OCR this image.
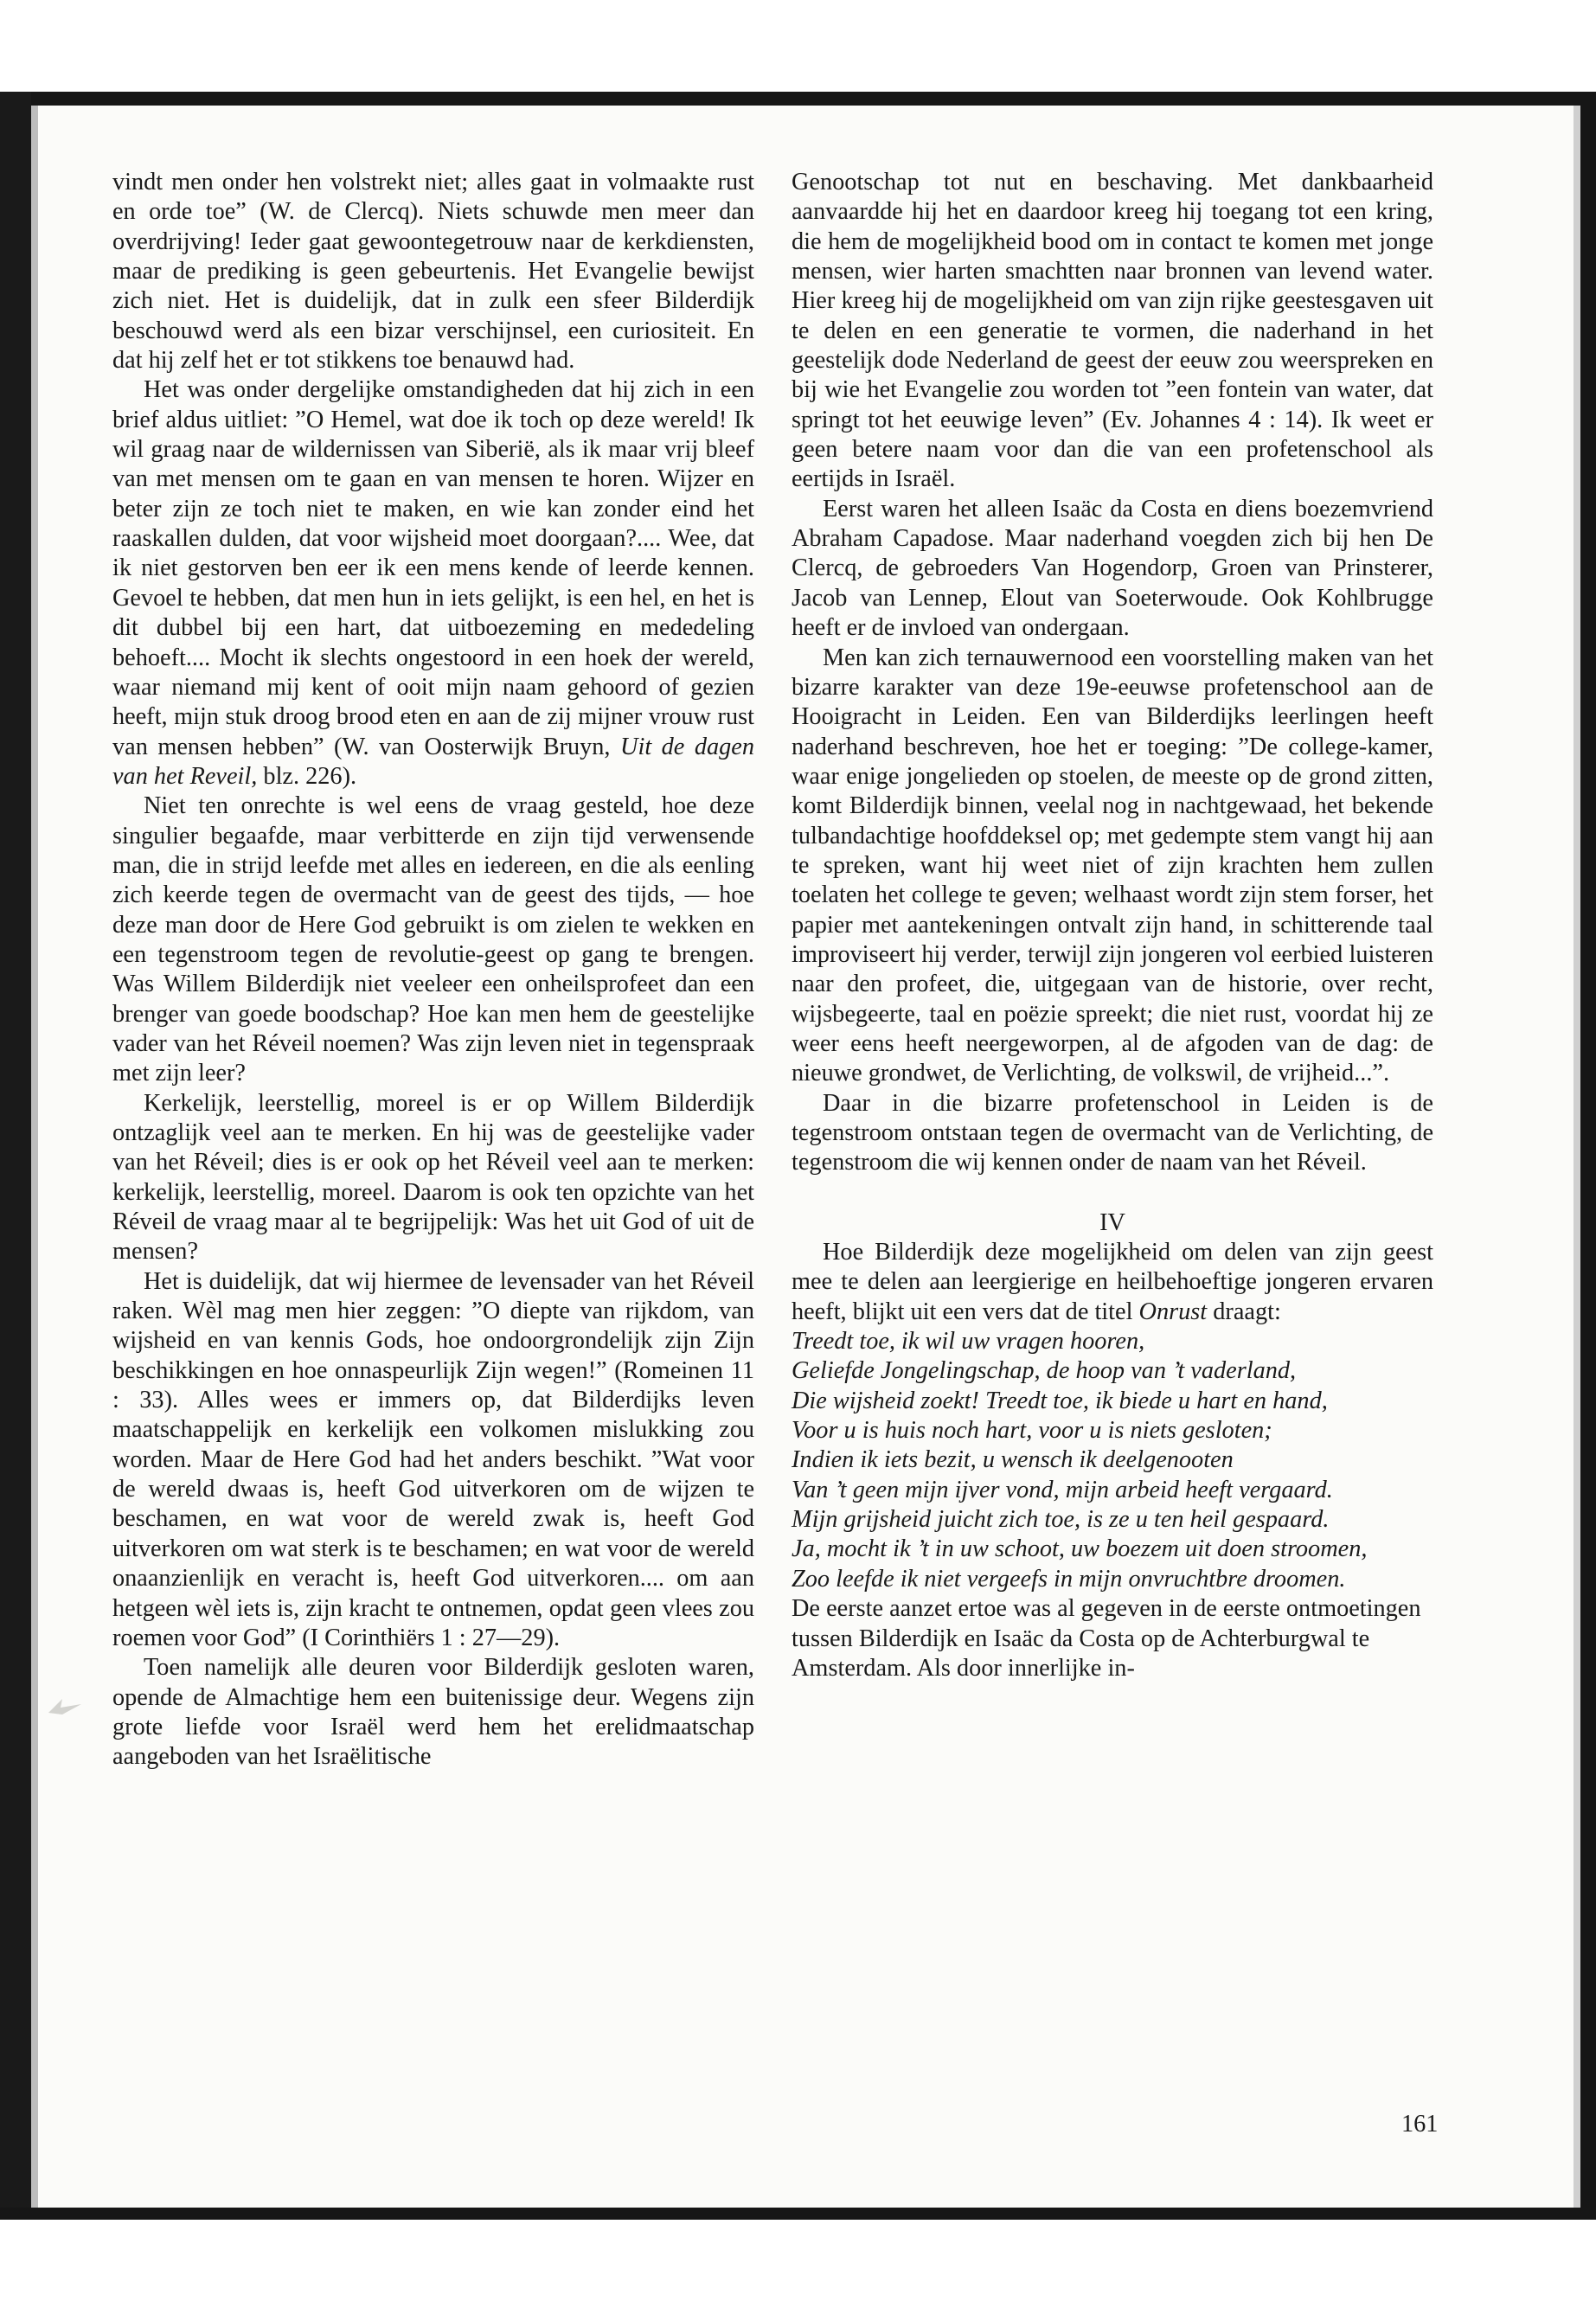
vindt men onder hen volstrekt niet; alles gaat in volmaakte rust en orde toe” (W. de Clercq). Niets schuwde men meer dan overdrijving! Ieder gaat gewoontegetrouw naar de kerkdiensten, maar de prediking is geen gebeurtenis. Het Evangelie bewijst zich niet. Het is duidelijk, dat in zulk een sfeer Bilderdijk beschouwd werd als een bizar verschijnsel, een curiositeit. En dat hij zelf het er tot stikkens toe benauwd had.

Het was onder dergelijke omstandigheden dat hij zich in een brief aldus uitliet: ”O Hemel, wat doe ik toch op deze wereld! Ik wil graag naar de wildernissen van Siberië, als ik maar vrij bleef van met mensen om te gaan en van mensen te horen. Wijzer en beter zijn ze toch niet te maken, en wie kan zonder eind het raaskallen dulden, dat voor wijsheid moet doorgaan?.... Wee, dat ik niet gestorven ben eer ik een mens kende of leerde kennen. Gevoel te hebben, dat men hun in iets gelijkt, is een hel, en het is dit dubbel bij een hart, dat uitboezeming en mededeling behoeft.... Mocht ik slechts ongestoord in een hoek der wereld, waar niemand mij kent of ooit mijn naam gehoord of gezien heeft, mijn stuk droog brood eten en aan de zij mijner vrouw rust van mensen hebben” (W. van Oosterwijk Bruyn, Uit de dagen van het Reveil, blz. 226).

Niet ten onrechte is wel eens de vraag gesteld, hoe deze singulier begaafde, maar verbitterde en zijn tijd verwensende man, die in strijd leefde met alles en iedereen, en die als eenling zich keerde tegen de overmacht van de geest des tijds, — hoe deze man door de Here God gebruikt is om zielen te wekken en een tegenstroom tegen de revolutie-geest op gang te brengen. Was Willem Bilderdijk niet veeleer een onheilsprofeet dan een brenger van goede boodschap? Hoe kan men hem de geestelijke vader van het Réveil noemen? Was zijn leven niet in tegenspraak met zijn leer?

Kerkelijk, leerstellig, moreel is er op Willem Bilderdijk ontzaglijk veel aan te merken. En hij was de geestelijke vader van het Réveil; dies is er ook op het Réveil veel aan te merken: kerkelijk, leerstellig, moreel. Daarom is ook ten opzichte van het Réveil de vraag maar al te begrijpelijk: Was het uit God of uit de mensen?

Het is duidelijk, dat wij hiermee de levensader van het Réveil raken. Wèl mag men hier zeggen: ”O diepte van rijkdom, van wijsheid en van kennis Gods, hoe ondoorgrondelijk zijn Zijn beschikkingen en hoe onnaspeurlijk Zijn wegen!” (Romeinen 11 : 33). Alles wees er immers op, dat Bilderdijks leven maatschappelijk en kerkelijk een volkomen mislukking zou worden. Maar de Here God had het anders beschikt. ”Wat voor de wereld dwaas is, heeft God uitverkoren om de wijzen te beschamen, en wat voor de wereld zwak is, heeft God uitverkoren om wat sterk is te beschamen; en wat voor de wereld onaanzienlijk en veracht is, heeft God uitverkoren.... om aan hetgeen wèl iets is, zijn kracht te ontnemen, opdat geen vlees zou roemen voor God” (I Corinthiërs 1 : 27—29).

Toen namelijk alle deuren voor Bilderdijk gesloten waren, opende de Almachtige hem een buitenissige deur. Wegens zijn grote liefde voor Israël werd hem het erelidmaatschap aangeboden van het Israëlitische

Genootschap tot nut en beschaving. Met dankbaarheid aanvaardde hij het en daardoor kreeg hij toegang tot een kring, die hem de mogelijkheid bood om in contact te komen met jonge mensen, wier harten smachtten naar bronnen van levend water. Hier kreeg hij de mogelijkheid om van zijn rijke geestesgaven uit te delen en een generatie te vormen, die naderhand in het geestelijk dode Nederland de geest der eeuw zou weerspreken en bij wie het Evangelie zou worden tot ”een fontein van water, dat springt tot het eeuwige leven” (Ev. Johannes 4 : 14). Ik weet er geen betere naam voor dan die van een profetenschool als eertijds in Israël.

Eerst waren het alleen Isaäc da Costa en diens boezemvriend Abraham Capadose. Maar naderhand voegden zich bij hen De Clercq, de gebroeders Van Hogendorp, Groen van Prinsterer, Jacob van Lennep, Elout van Soeterwoude. Ook Kohlbrugge heeft er de invloed van ondergaan.

Men kan zich ternauwernood een voorstelling maken van het bizarre karakter van deze 19e-eeuwse profetenschool aan de Hooigracht in Leiden. Een van Bilderdijks leerlingen heeft naderhand beschreven, hoe het er toeging: ”De college-kamer, waar enige jongelieden op stoelen, de meeste op de grond zitten, komt Bilderdijk binnen, veelal nog in nachtgewaad, het bekende tulbandachtige hoofddeksel op; met gedempte stem vangt hij aan te spreken, want hij weet niet of zijn krachten hem zullen toelaten het college te geven; welhaast wordt zijn stem forser, het papier met aantekeningen ontvalt zijn hand, in schitterende taal improviseert hij verder, terwijl zijn jongeren vol eerbied luisteren naar den profeet, die, uitgegaan van de historie, over recht, wijsbegeerte, taal en poëzie spreekt; die niet rust, voordat hij ze weer eens heeft neergeworpen, al de afgoden van de dag: de nieuwe grondwet, de Verlichting, de volkswil, de vrijheid...”.

Daar in die bizarre profetenschool in Leiden is de tegenstroom ontstaan tegen de overmacht van de Verlichting, de tegenstroom die wij kennen onder de naam van het Réveil.

IV

Hoe Bilderdijk deze mogelijkheid om delen van zijn geest mee te delen aan leergierige en heilbehoeftige jongeren ervaren heeft, blijkt uit een vers dat de titel Onrust draagt:

Treedt toe, ik wil uw vragen hooren,

Geliefde Jongelingschap, de hoop van ’t vaderland,

Die wijsheid zoekt! Treedt toe, ik biede u hart en hand,

Voor u is huis noch hart, voor u is niets gesloten;

Indien ik iets bezit, u wensch ik deelgenooten

Van ’t geen mijn ijver vond, mijn arbeid heeft vergaard.

Mijn grijsheid juicht zich toe, is ze u ten heil gespaard.

Ja, mocht ik ’t in uw schoot, uw boezem uit doen stroomen,

Zoo leefde ik niet vergeefs in mijn onvruchtbre droomen.

De eerste aanzet ertoe was al gegeven in de eerste ontmoetingen tussen Bilderdijk en Isaäc da Costa op de Achterburgwal te Amsterdam. Als door innerlijke in-

161
